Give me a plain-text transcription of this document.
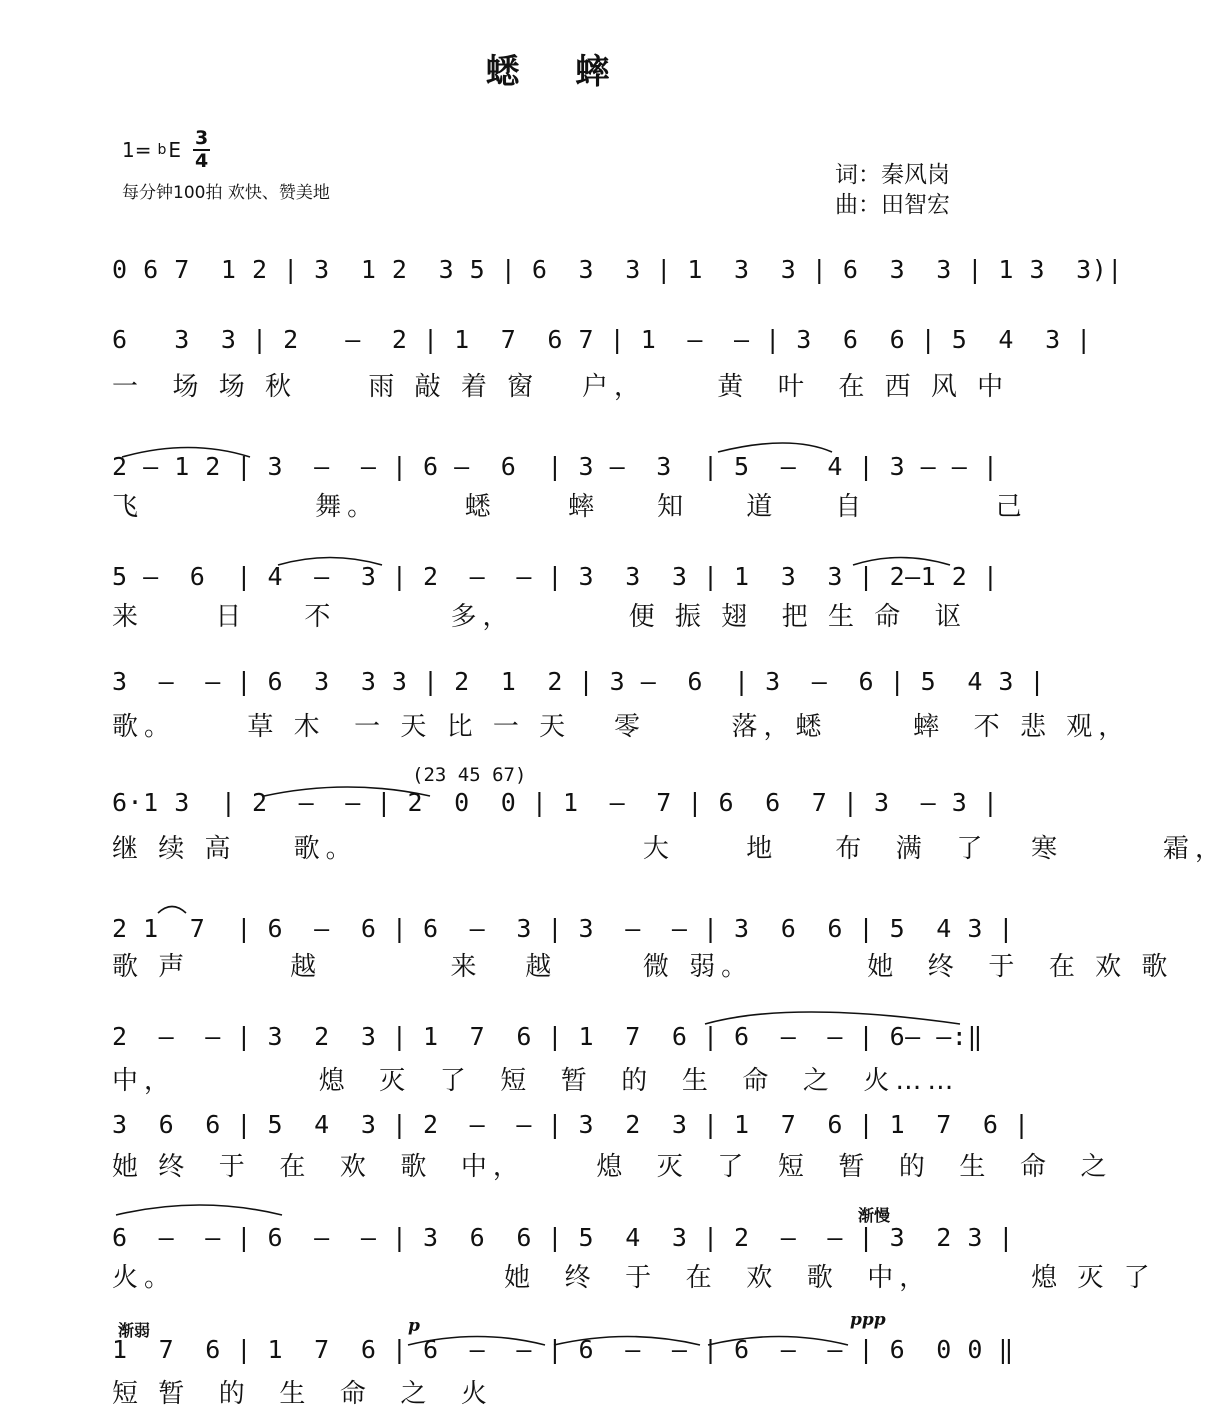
蟋 蟀
1= b E $\frac{3}{4}$
每分钟100拍 欢快、赞美地
词：秦风岗
曲：田智宏
0 6 7  1 2 | 3  1 2  3 5 | 6  3  3 | 1  3  3 | 6  3  3 | 1 3  3)|
6   3  3 | 2   —  2 | 1  7  6 7 | 1  —  — | 3  6  6 | 5  4  3 |
一  场 场 秋     雨 敲 着 窗   户，     黄  叶  在 西 风 中
2 — 1 2 | 3  —  — | 6 —  6  | 3 —  3  | 5  —  4 | 3 — — |
飞            舞。      蟋     蟀    知    道    自         己
5 —  6  | 4  —  3 | 2  —  — | 3  3  3 | 1  3  3 | 2—1 2 |
来     日    不        多，        便 振 翅  把 生 命  讴
3  —  — | 6  3  3 3 | 2  1  2 | 3 —  6  | 3  —  6 | 5  4 3 |
歌。     草 木  一 天 比 一 天   零      落，蟋      蟀  不 悲 观，
(23 45 67)
6·1 3  | 2  —  — | 2  0  0 | 1  —  7 | 6  6  7 | 3  — 3 |
继 续 高    歌。                    大     地    布  满  了   寒       霜，
2 1  7  | 6  —  6 | 6  —  3 | 3  —  — | 3  6  6 | 5  4 3 |
歌 声       越         来   越      微 弱。        她  终  于  在 欢 歌
2  —  — | 3  2  3 | 1  7  6 | 1  7  6 | 6  —  — | 6— —:‖
中，          熄  灭  了  短  暂  的  生  命  之  火……
3  6  6 | 5  4  3 | 2  —  — | 3  2  3 | 1  7  6 | 1  7  6 |
她 终  于  在  欢  歌  中，     熄  灭  了  短  暂  的  生  命  之
渐慢
6  —  — | 6  —  — | 3  6  6 | 5  4  3 | 2  —  — | 3  2 3 |
火。                       她  终  于  在  欢  歌  中，       熄 灭 了
渐弱	p	ppp
1  7  6 | 1  7  6 | 6  —  — | 6  —  — | 6  —  — | 6  0 0 ‖
短 暂  的  生  命  之  火
